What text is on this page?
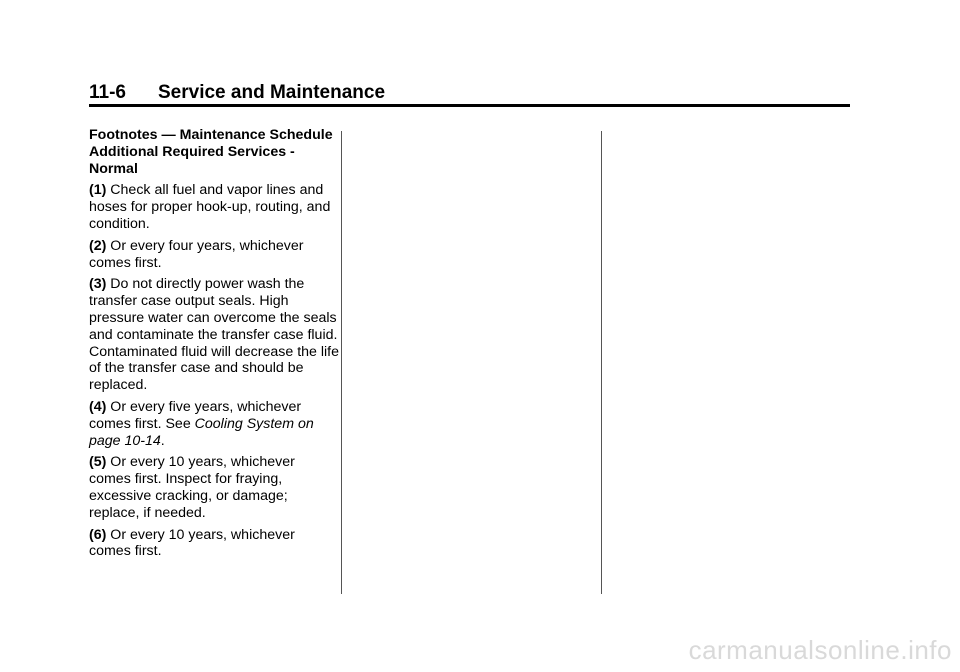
11-6 Service and Maintenance

Footnotes — Maintenance Schedule Additional Required Services - Normal

(1) Check all fuel and vapor lines and hoses for proper hook-up, routing, and condition.

(2) Or every four years, whichever comes first.

(3) Do not directly power wash the transfer case output seals. High pressure water can overcome the seals and contaminate the transfer case fluid. Contaminated fluid will decrease the life of the transfer case and should be replaced.

(4) Or every five years, whichever comes first. See Cooling System on page 10-14.

(5) Or every 10 years, whichever comes first. Inspect for fraying, excessive cracking, or damage; replace, if needed.

(6) Or every 10 years, whichever comes first.

carmanualsonline.info
